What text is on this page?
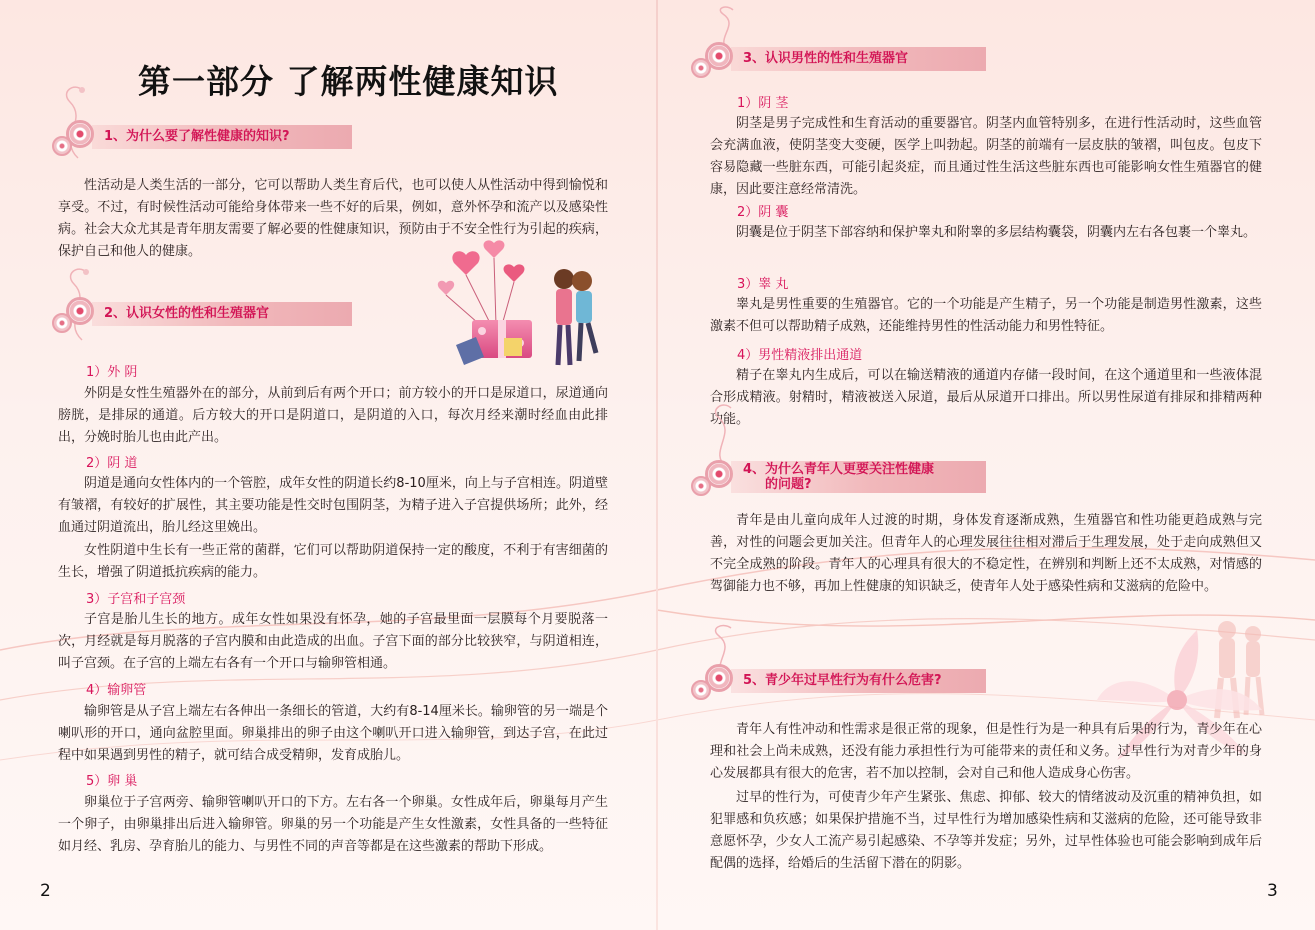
第一部分 了解两性健康知识
1、为什么要了解性健康的知识?

性活动是人类生活的一部分，它可以帮助人类生育后代，也可以使人从性活动中得到愉悦和享受。不过，有时候性活动可能给身体带来一些不好的后果，例如，意外怀孕和流产以及感染性病。社会大众尤其是青年朋友需要了解必要的性健康知识，预防由于不安全性行为引起的疾病，保护自己和他人的健康。

2、认识女性的性和生殖器官
1）外 阴

外阴是女性生殖器外在的部分，从前到后有两个开口；前方较小的开口是尿道口，尿道通向膀胱，是排尿的通道。后方较大的开口是阴道口，是阴道的入口，每次月经来潮时经血由此排出，分娩时胎儿也由此产出。

2）阴 道

阴道是通向女性体内的一个管腔，成年女性的阴道长约8-10厘米，向上与子宫相连。阴道壁有皱褶，有较好的扩展性，其主要功能是性交时包围阴茎，为精子进入子宫提供场所；此外，经血通过阴道流出，胎儿经这里娩出。

女性阴道中生长有一些正常的菌群，它们可以帮助阴道保持一定的酸度，不利于有害细菌的生长，增强了阴道抵抗疾病的能力。

3）子宫和子宫颈

子宫是胎儿生长的地方。成年女性如果没有怀孕，她的子宫最里面一层膜每个月要脱落一次，月经就是每月脱落的子宫内膜和由此造成的出血。子宫下面的部分比较狭窄，与阴道相连，叫子宫颈。在子宫的上端左右各有一个开口与输卵管相通。

4）输卵管

输卵管是从子宫上端左右各伸出一条细长的管道，大约有8-14厘米长。输卵管的另一端是个喇叭形的开口，通向盆腔里面。卵巢排出的卵子由这个喇叭开口进入输卵管，到达子宫，在此过程中如果遇到男性的精子，就可结合成受精卵，发育成胎儿。

5）卵 巢

卵巢位于子宫两旁、输卵管喇叭开口的下方。左右各一个卵巢。女性成年后，卵巢每月产生一个卵子，由卵巢排出后进入输卵管。卵巢的另一个功能是产生女性激素，女性具备的一些特征如月经、乳房、孕育胎儿的能力、与男性不同的声音等都是在这些激素的帮助下形成。

2
3、认识男性的性和生殖器官
1）阴 茎

阴茎是男子完成性和生育活动的重要器官。阴茎内血管特别多，在进行性活动时，这些血管会充满血液，使阴茎变大变硬，医学上叫勃起。阴茎的前端有一层皮肤的皱褶，叫包皮。包皮下容易隐藏一些脏东西，可能引起炎症，而且通过性生活这些脏东西也可能影响女性生殖器官的健康，因此要注意经常清洗。

2）阴 囊

阴囊是位于阴茎下部容纳和保护睾丸和附睾的多层结构囊袋，阴囊内左右各包裹一个睾丸。

3）睾 丸

睾丸是男性重要的生殖器官。它的一个功能是产生精子，另一个功能是制造男性激素，这些激素不但可以帮助精子成熟，还能维持男性的性活动能力和男性特征。

4）男性精液排出通道

精子在睾丸内生成后，可以在输送精液的通道内存储一段时间，在这个通道里和一些液体混合形成精液。射精时，精液被送入尿道，最后从尿道开口排出。所以男性尿道有排尿和排精两种功能。

4、为什么青年人更要关注性健康
的问题?

青年是由儿童向成年人过渡的时期，身体发育逐渐成熟，生殖器官和性功能更趋成熟与完善，对性的问题会更加关注。但青年人的心理发展往往相对滞后于生理发展，处于走向成熟但又不完全成熟的阶段。青年人的心理具有很大的不稳定性，在辨别和判断上还不太成熟，对情感的驾御能力也不够，再加上性健康的知识缺乏，使青年人处于感染性病和艾滋病的危险中。

5、青少年过早性行为有什么危害?

青年人有性冲动和性需求是很正常的现象，但是性行为是一种具有后果的行为，青少年在心理和社会上尚未成熟，还没有能力承担性行为可能带来的责任和义务。过早性行为对青少年的身心发展都具有很大的危害，若不加以控制，会对自己和他人造成身心伤害。

过早的性行为，可使青少年产生紧张、焦虑、抑郁、较大的情绪波动及沉重的精神负担，如犯罪感和负疚感；如果保护措施不当，过早性行为增加感染性病和艾滋病的危险，还可能导致非意愿怀孕，少女人工流产易引起感染、不孕等并发症；另外，过早性体验也可能会影响到成年后配偶的选择，给婚后的生活留下潜在的阴影。

3
